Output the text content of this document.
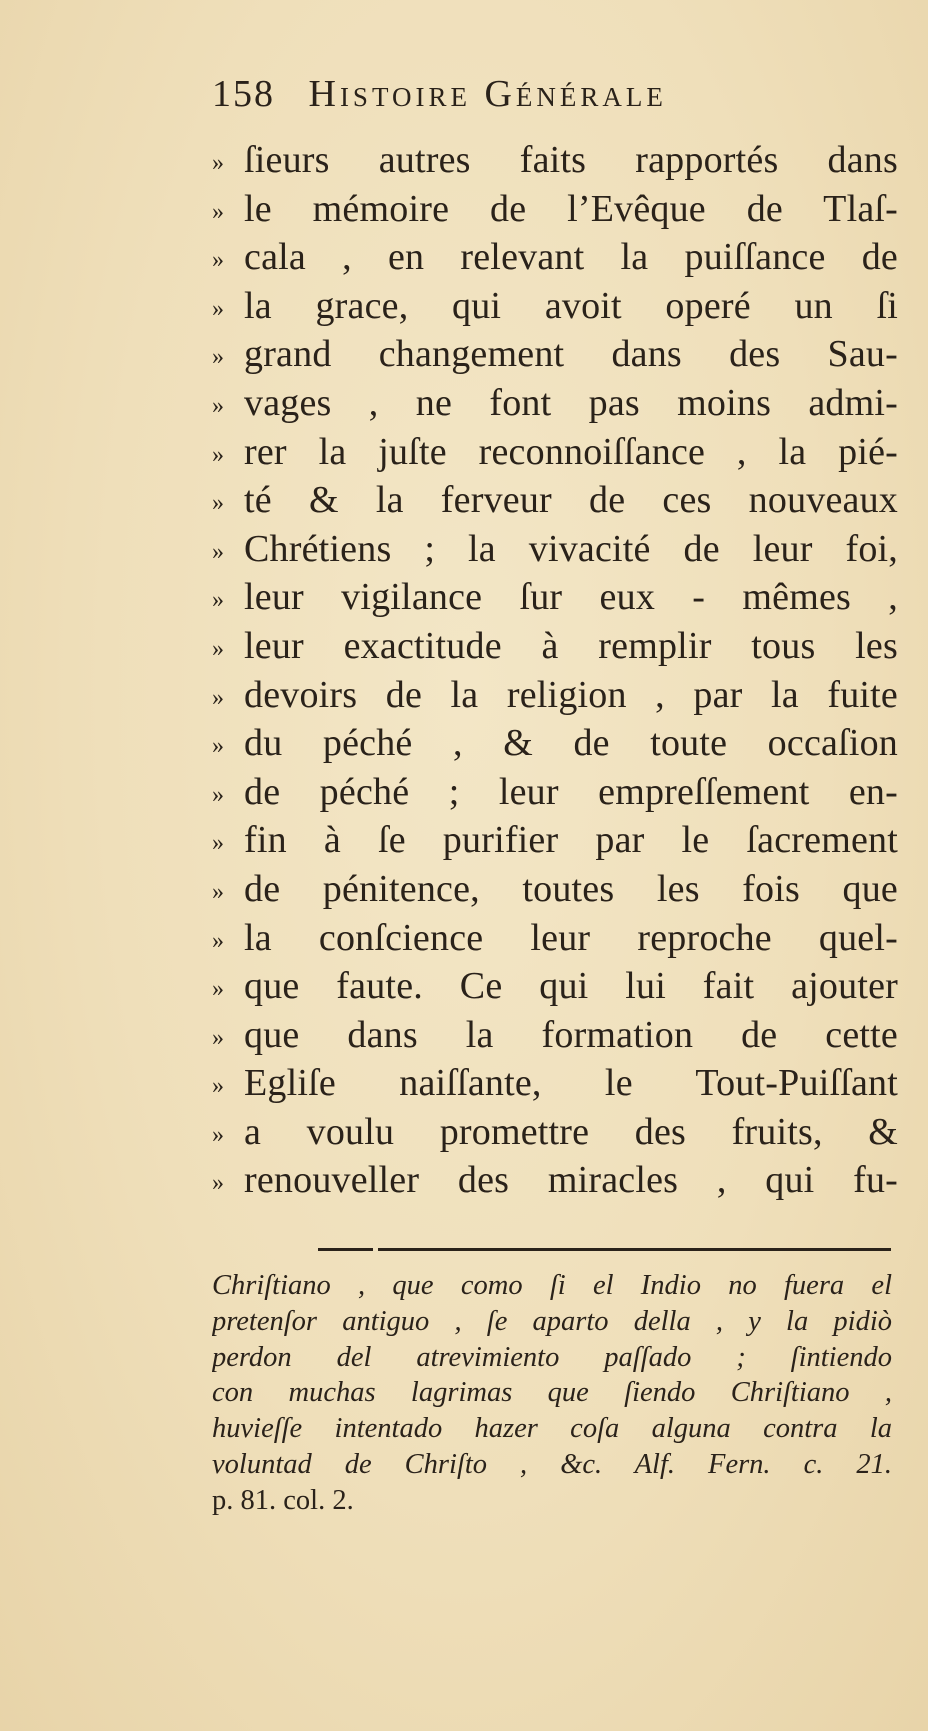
158 Histoire Générale
» ſieurs autres faits rapportés dans
» le mémoire de l’Evêque de Tlaſ-
» cala , en relevant la puiſſance de
» la grace, qui avoit operé un ſi
» grand changement dans des Sau-
» vages , ne font pas moins admi-
» rer la juſte reconnoiſſance , la pié-
» té & la ferveur de ces nouveaux
» Chrétiens ; la vivacité de leur foi,
» leur vigilance ſur eux - mêmes ,
» leur exactitude à remplir tous les
» devoirs de la religion , par la fuite
» du péché , & de toute occaſion
» de péché ; leur empreſſement en-
» fin à ſe purifier par le ſacrement
» de pénitence, toutes les fois que
» la conſcience leur reproche quel-
» que faute. Ce qui lui fait ajouter
» que dans la formation de cette
» Egliſe naiſſante, le Tout-Puiſſant
» a voulu promettre des fruits, &
» renouveller des miracles , qui fu-
Chriſtiano , que como ſi el Indio no fuera el
pretenſor antiguo , ſe aparto della , y la pidiò
perdon del atrevimiento paſſado ; ſintiendo
con muchas lagrimas que ſiendo Chriſtiano ,
huvieſſe intentado hazer coſa alguna contra la
voluntad de Chriſto , &c. Alf. Fern. c. 21.
p. 81. col. 2.
